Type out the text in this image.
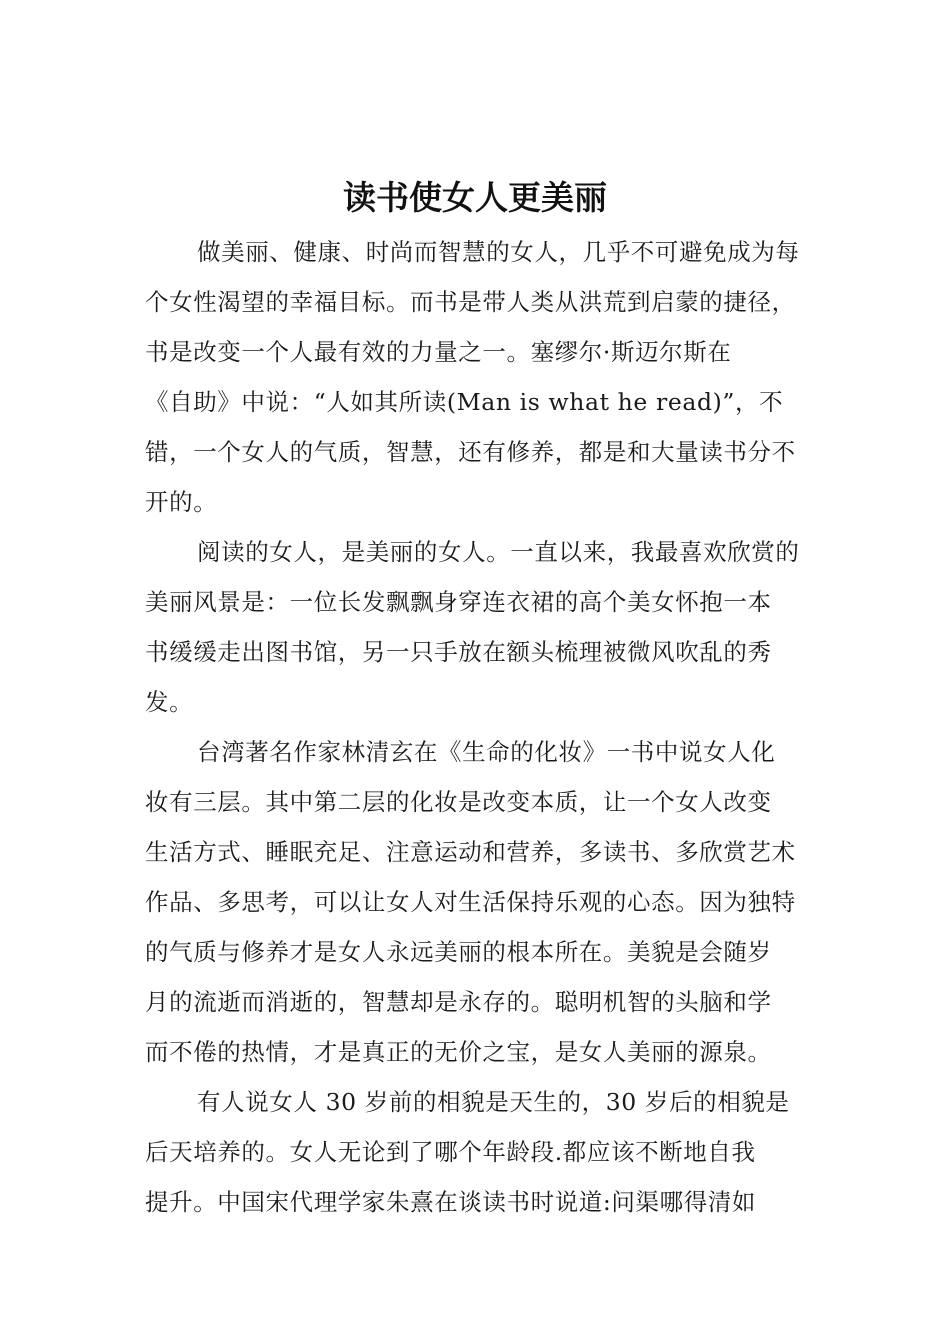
读书使女人更美丽

做美丽、健康、时尚而智慧的女人，几乎不可避免成为每

个女性渴望的幸福目标。而书是带人类从洪荒到启蒙的捷径，

书是改变一个人最有效的力量之一。塞缪尔·斯迈尔斯在

《自助》中说：“人如其所读(Man is what he read)”，不

错，一个女人的气质，智慧，还有修养，都是和大量读书分不

开的。

阅读的女人，是美丽的女人。一直以来，我最喜欢欣赏的

美丽风景是：一位长发飘飘身穿连衣裙的高个美女怀抱一本

书缓缓走出图书馆，另一只手放在额头梳理被微风吹乱的秀

发。

台湾著名作家林清玄在《生命的化妆》一书中说女人化

妆有三层。其中第二层的化妆是改变本质，让一个女人改变

生活方式、睡眠充足、注意运动和营养，多读书、多欣赏艺术

作品、多思考，可以让女人对生活保持乐观的心态。因为独特

的气质与修养才是女人永远美丽的根本所在。美貌是会随岁

月的流逝而消逝的，智慧却是永存的。聪明机智的头脑和学

而不倦的热情，才是真正的无价之宝，是女人美丽的源泉。

有人说女人 30 岁前的相貌是天生的，30 岁后的相貌是

后天培养的。女人无论到了哪个年龄段.都应该不断地自我

提升。中国宋代理学家朱熹在谈读书时说道:问渠哪得清如
